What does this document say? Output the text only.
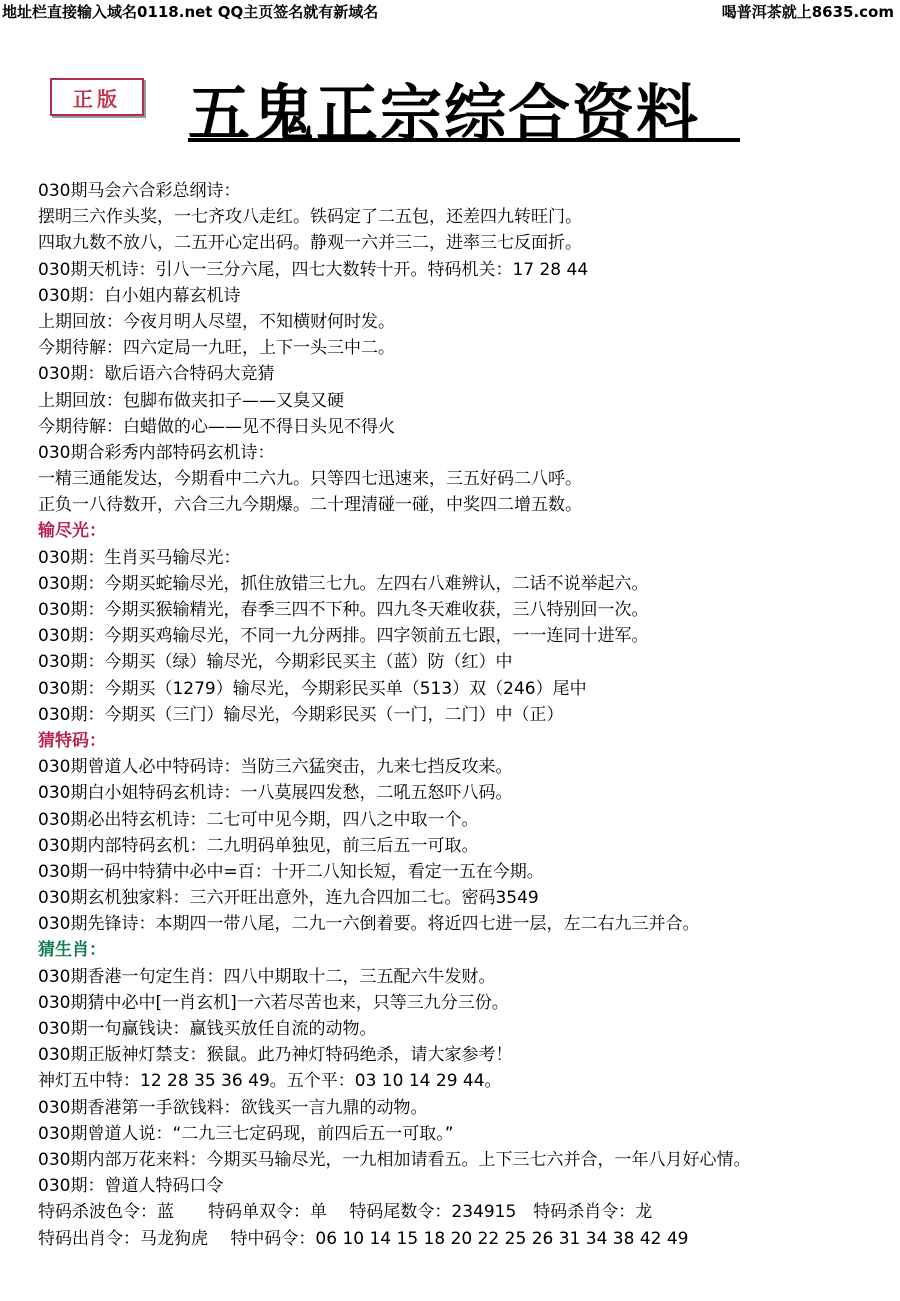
地址栏直接输入域名0118.net QQ主页签名就有新域名	喝普洱茶就上8635.com
正版	五鬼正宗综合资料
030期马会六合彩总纲诗：
摆明三六作头奖，一七齐攻八走红。铁码定了二五包，还差四九转旺门。
四取九数不放八，二五开心定出码。静观一六并三二，进率三七反面折。
030期天机诗：引八一三分六尾，四七大数转十开。特码机关：17 28 44
030期：白小姐内幕玄机诗
上期回放：今夜月明人尽望，不知横财何时发。
今期待解：四六定局一九旺，上下一头三中二。
030期：歇后语六合特码大竞猜
上期回放：包脚布做夹扣子——又臭又硬
今期待解：白蜡做的心——见不得日头见不得火
030期合彩秀内部特码玄机诗：
一精三通能发达，今期看中二六九。只等四七迅速来，三五好码二八呼。
正负一八待数开，六合三九今期爆。二十理清碰一碰，中奖四二增五数。
输尽光：
030期：生肖买马输尽光：
030期：今期买蛇输尽光，抓住放错三七九。左四右八难辨认，二话不说举起六。
030期：今期买猴输精光，春季三四不下种。四九冬天难收获，三八特别回一次。
030期：今期买鸡输尽光，不同一九分两排。四字领前五七跟，一一连同十进军。
030期：今期买（绿）输尽光，今期彩民买主（蓝）防（红）中
030期：今期买（1279）输尽光，今期彩民买单（513）双（246）尾中
030期：今期买（三门）输尽光，今期彩民买（一门，二门）中（正）
猜特码：
030期曾道人必中特码诗：当防三六猛突击，九来七挡反攻来。
030期白小姐特码玄机诗：一八莫展四发愁，二吼五怒吓八码。
030期必出特玄机诗：二七可中见今期，四八之中取一个。
030期内部特码玄机：二九明码单独见，前三后五一可取。
030期一码中特猜中必中=百：十开二八知长短，看定一五在今期。
030期玄机独家料：三六开旺出意外，连九合四加二七。密码3549
030期先锋诗：本期四一带八尾，二九一六倒着要。将近四七进一层，左二右九三并合。
猜生肖：
030期香港一句定生肖：四八中期取十二，三五配六牛发财。
030期猜中必中[一肖玄机]一六若尽苦也来，只等三九分三份。
030期一句赢钱诀：赢钱买放任自流的动物。
030期正版神灯禁支：猴鼠。此乃神灯特码绝杀，请大家参考！
神灯五中特：12 28 35 36 49。五个平：03 10 14 29 44。
030期香港第一手欲钱料：欲钱买一言九鼎的动物。
030期曾道人说：“二九三七定码现，前四后五一可取。”
030期内部万花来料：今期买马输尽光，一九相加请看五。上下三七六并合，一年八月好心情。
030期：曾道人特码口令
特码杀波色令：蓝　　特码单双令：单　 特码尾数令：234915　特码杀肖令：龙
特码出肖令：马龙狗虎　 特中码令：06 10 14 15 18 20 22 25 26 31 34 38 42 49
